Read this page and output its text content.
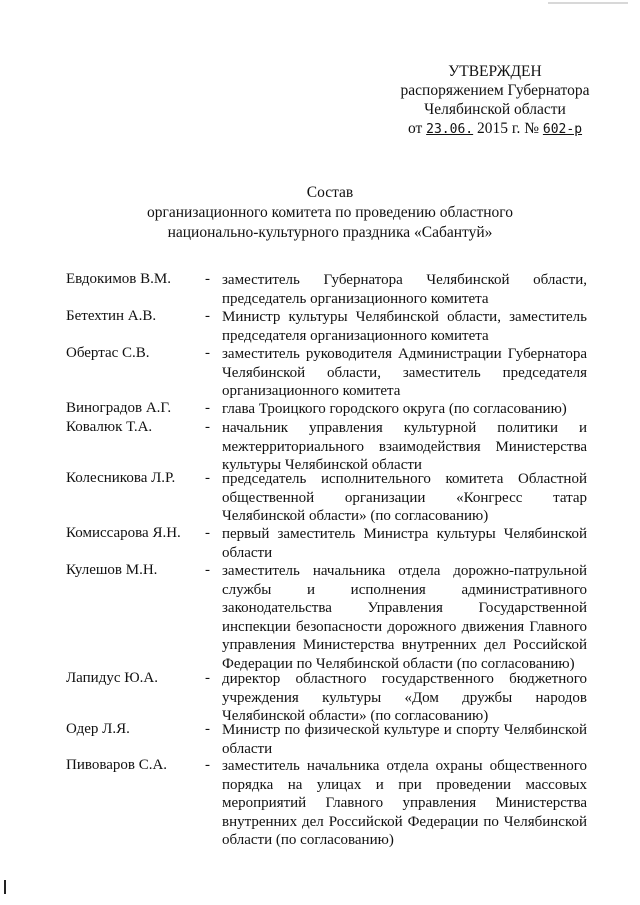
УТВЕРЖДЕН
распоряжением Губернатора
Челябинской области
от 23.06. 2015 г. № 602-р
Состав
организационного комитета по проведению областного
национально-культурного праздника «Сабантуй»
Евдокимов В.М.	- заместитель Губернатора Челябинской области, председатель организационного комитета
Бетехтин А.В.	- Министр культуры Челябинской области, заместитель председателя организационного комитета
Обертас С.В.	- заместитель руководителя Администрации Губернатора Челябинской области, заместитель председателя организационного комитета
Виноградов А.Г.	- глава Троицкого городского округа (по согласованию)
Ковалюк Т.А.	- начальник управления культурной политики и межтерриториального взаимодействия Министерства культуры Челябинской области
Колесникова Л.Р.	- председатель исполнительного комитета Областной общественной организации «Конгресс татар Челябинской области» (по согласованию)
Комиссарова Я.Н.	- первый заместитель Министра культуры Челябинской области
Кулешов М.Н.	- заместитель начальника отдела дорожно-патрульной службы и исполнения административного законодательства Управления Государственной инспекции безопасности дорожного движения Главного управления Министерства внутренних дел Российской Федерации по Челябинской области (по согласованию)
Лапидус Ю.А.	- директор областного государственного бюджетного учреждения культуры «Дом дружбы народов Челябинской области» (по согласованию)
Одер Л.Я.	- Министр по физической культуре и спорту Челябинской области
Пивоваров С.А.	- заместитель начальника отдела охраны общественного порядка на улицах и при проведении массовых мероприятий Главного управления Министерства внутренних дел Российской Федерации по Челябинской области (по согласованию)
